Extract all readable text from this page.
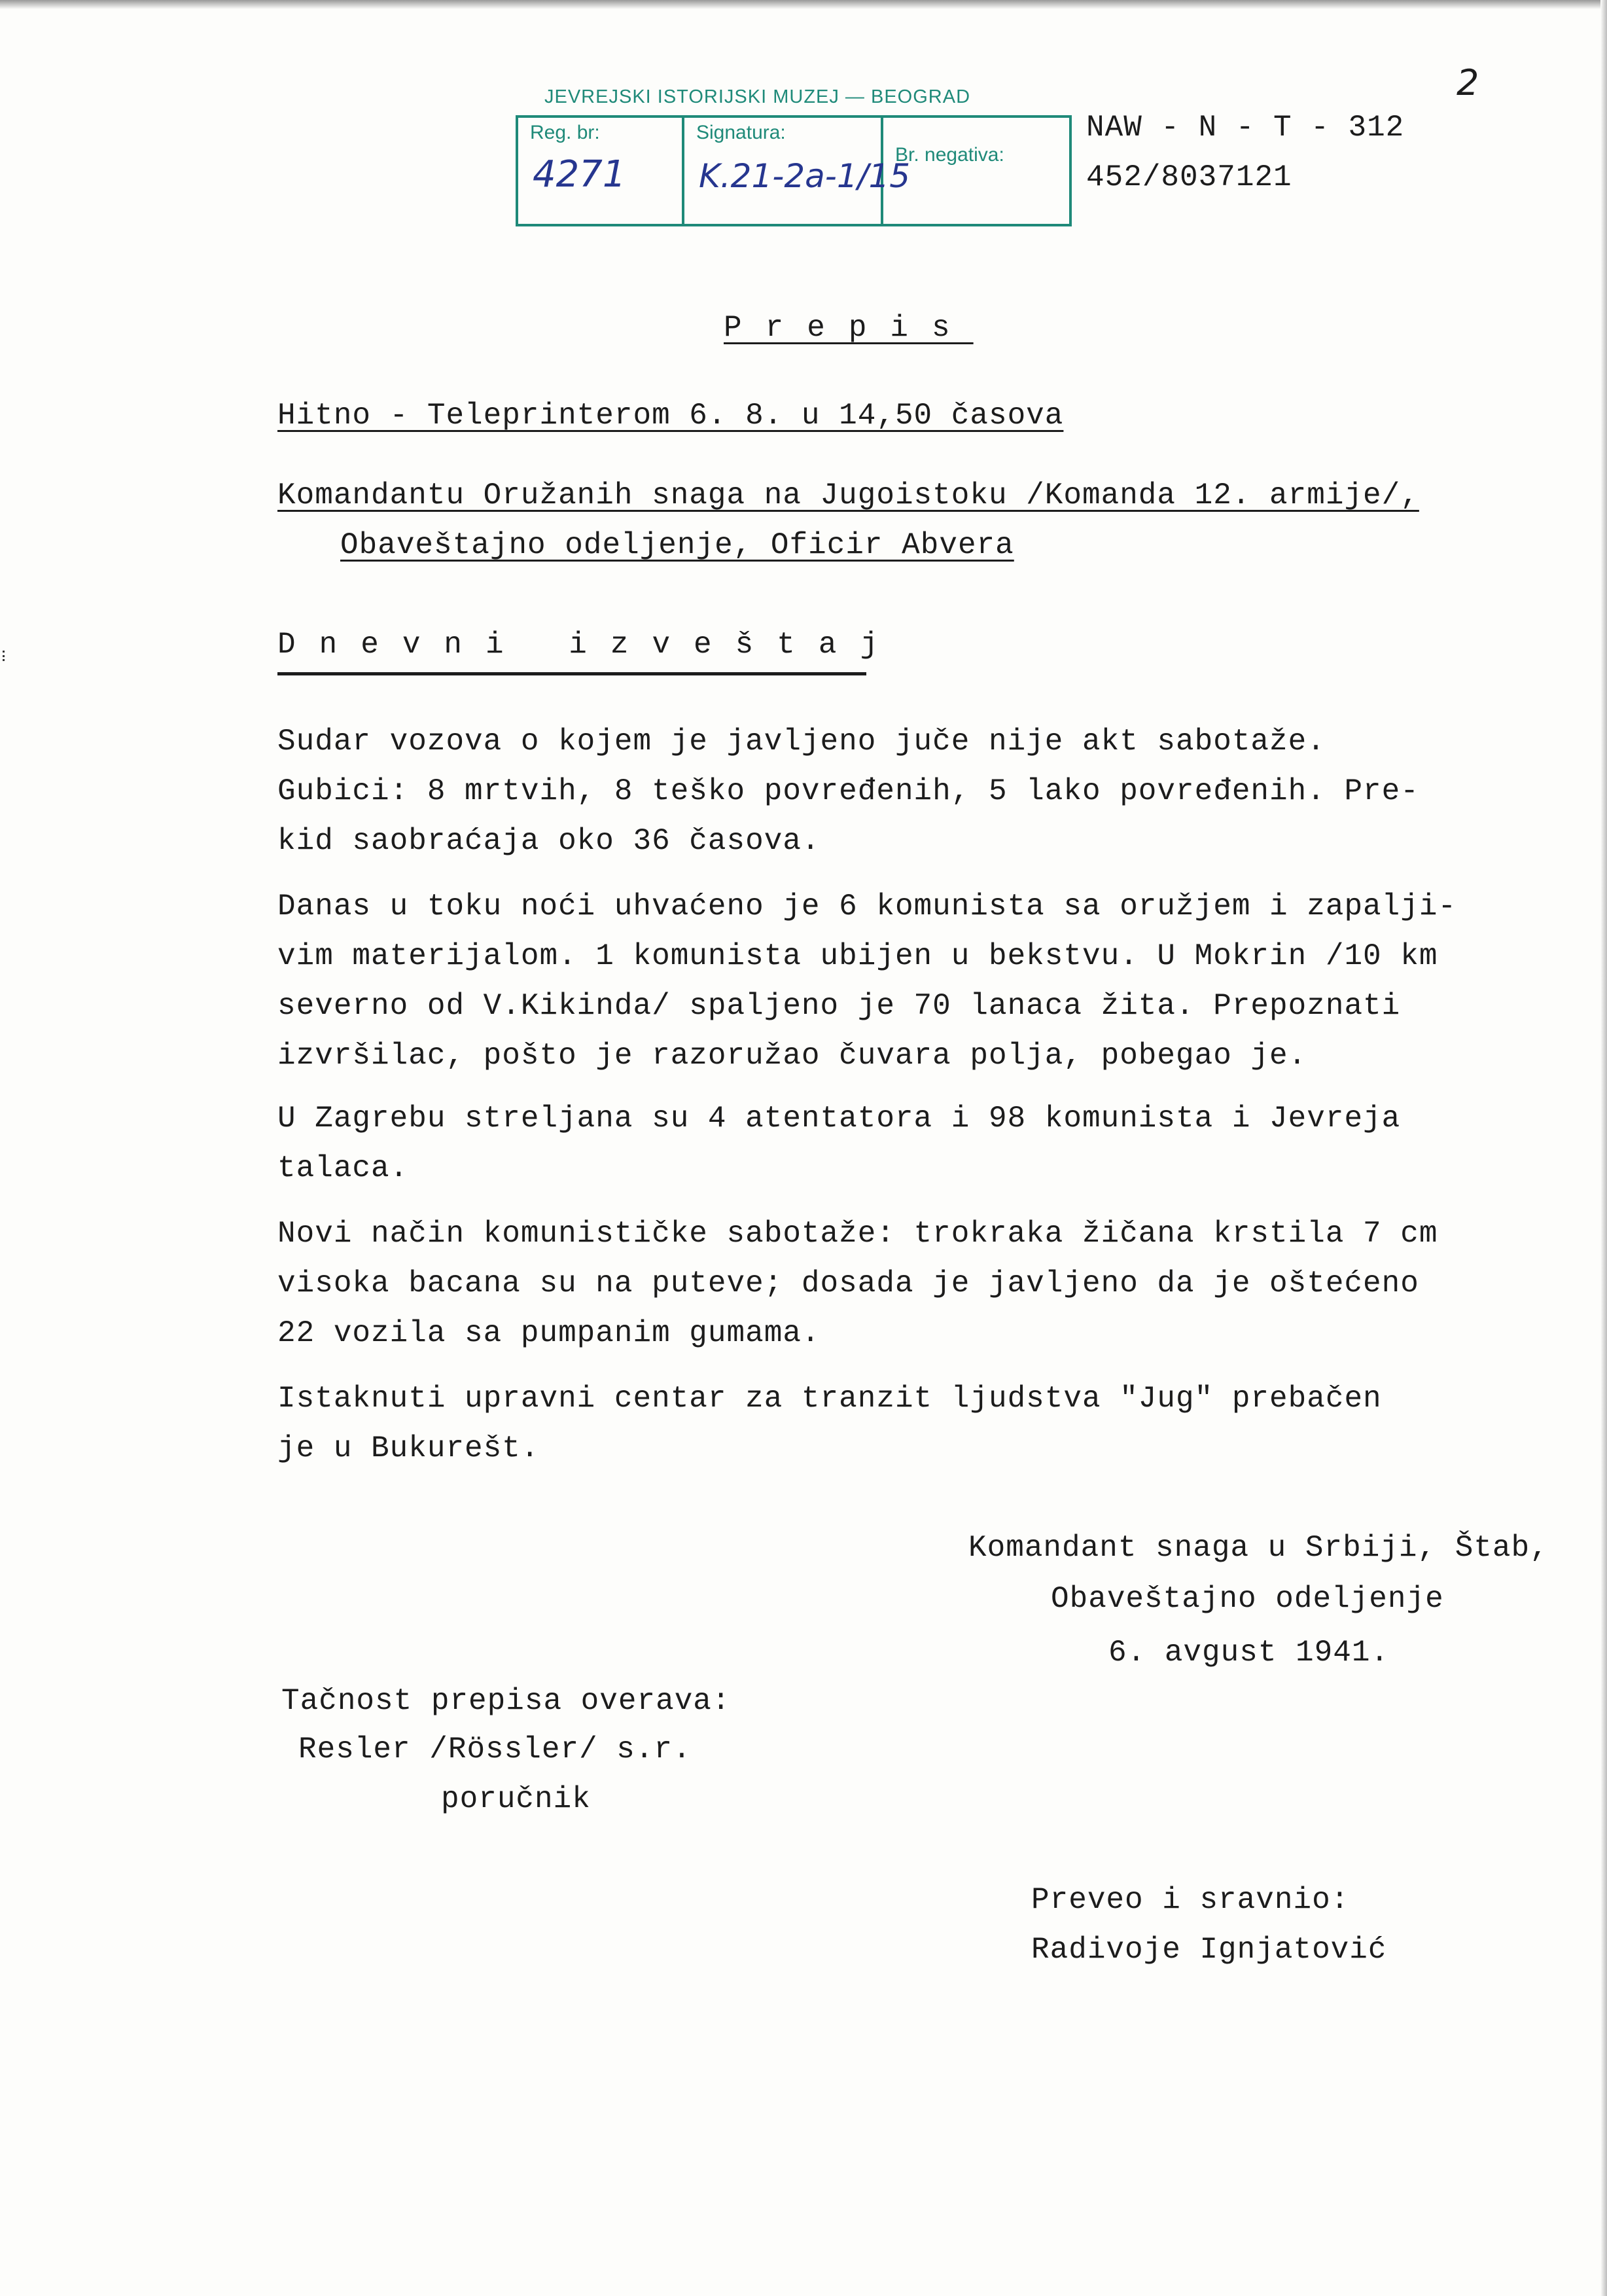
2
JEVREJSKI ISTORIJSKI MUZEJ — BEOGRAD
Reg. br:
4271
Signatura:
K.21-2a-1/15
Br. negativa:
NAW - N - T - 312
452/8037121
Prepis
Hitno - Teleprinterom 6. 8. u 14,50 časova
Komandantu Oružanih snaga na Jugoistoku /Komanda 12. armije/,
Obaveštajno odeljenje, Oficir Abvera
Dnevni izveštaj
Sudar vozova o kojem je javljeno juče nije akt sabotaže.
Gubici: 8 mrtvih, 8 teško povređenih, 5 lako povređenih. Pre-
kid saobraćaja oko 36 časova.
Danas u toku noći uhvaćeno je 6 komunista sa oružjem i zapalji-
vim materijalom. 1 komunista ubijen u bekstvu. U Mokrin /10 km
severno od V.Kikinda/ spaljeno je 70 lanaca žita. Prepoznati
izvršilac, pošto je razoružao čuvara polja, pobegao je.
U Zagrebu streljana su 4 atentatora i 98 komunista i Jevreja
talaca.
Novi način komunističke sabotaže: trokraka žičana krstila 7 cm
visoka bacana su na puteve; dosada je javljeno da je oštećeno
22 vozila sa pumpanim gumama.
Istaknuti upravni centar za tranzit ljudstva "Jug" prebačen
je u Bukurešt.
Komandant snaga u Srbiji, Štab,
Obaveštajno odeljenje
6. avgust 1941.
Tačnost prepisa overava:
Resler /Rössler/ s.r.
poručnik
Preveo i sravnio:
Radivoje Ignjatović
